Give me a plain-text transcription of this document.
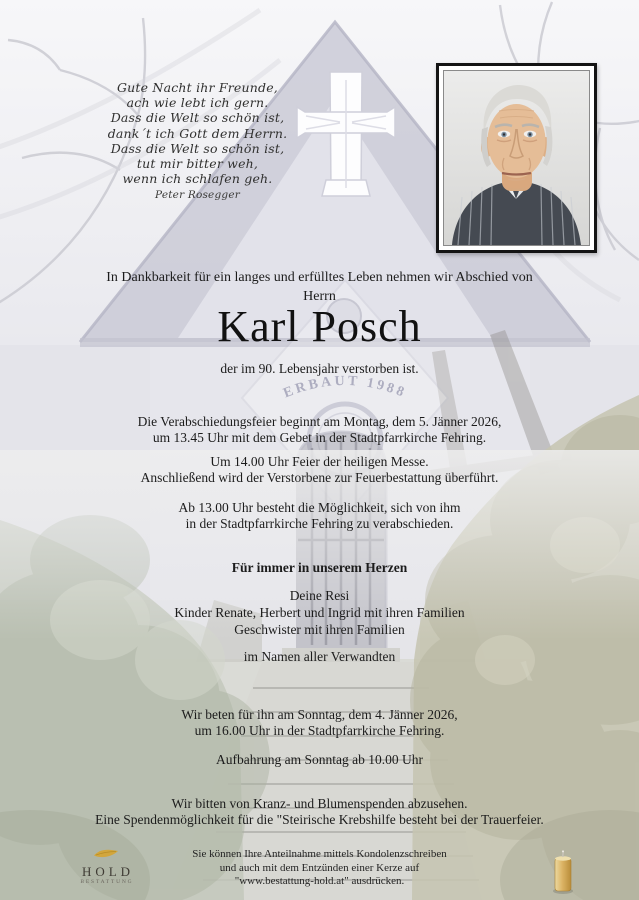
ERBAUT 1988
Gute Nacht ihr Freunde,
ach wie lebt ich gern.
Dass die Welt so schön ist,
dank´t ich Gott dem Herrn.
Dass die Welt so schön ist,
tut mir bitter weh,
wenn ich schlafen geh.
Peter Rosegger
In Dankbarkeit für ein langes und erfülltes Leben nehmen wir Abschied von
Herrn
Karl Posch
der im 90. Lebensjahr verstorben ist.
Die Verabschiedungsfeier beginnt am Montag, dem 5. Jänner 2026,
um 13.45 Uhr mit dem Gebet in der Stadtpfarrkirche Fehring.
Um 14.00 Uhr Feier der heiligen Messe.
Anschließend wird der Verstorbene zur Feuerbestattung überführt.
Ab 13.00 Uhr besteht die Möglichkeit, sich von ihm
in der Stadtpfarrkirche Fehring zu verabschieden.
Für immer in unserem Herzen
Deine Resi
Kinder Renate, Herbert und Ingrid mit ihren Familien
Geschwister mit ihren Familien
im Namen aller Verwandten
Wir beten für ihn am Sonntag, dem 4. Jänner 2026,
um 16.00 Uhr in der Stadtpfarrkirche Fehring.
Aufbahrung am Sonntag ab 10.00 Uhr
Wir bitten von Kranz- und Blumenspenden abzusehen.
Eine Spendenmöglichkeit für die "Steirische Krebshilfe besteht bei der Trauerfeier.
Sie können Ihre Anteilnahme mittels Kondolenzschreiben
und auch mit dem Entzünden einer Kerze auf
"www.bestattung-hold.at" ausdrücken.
HOLD
BESTATTUNG
